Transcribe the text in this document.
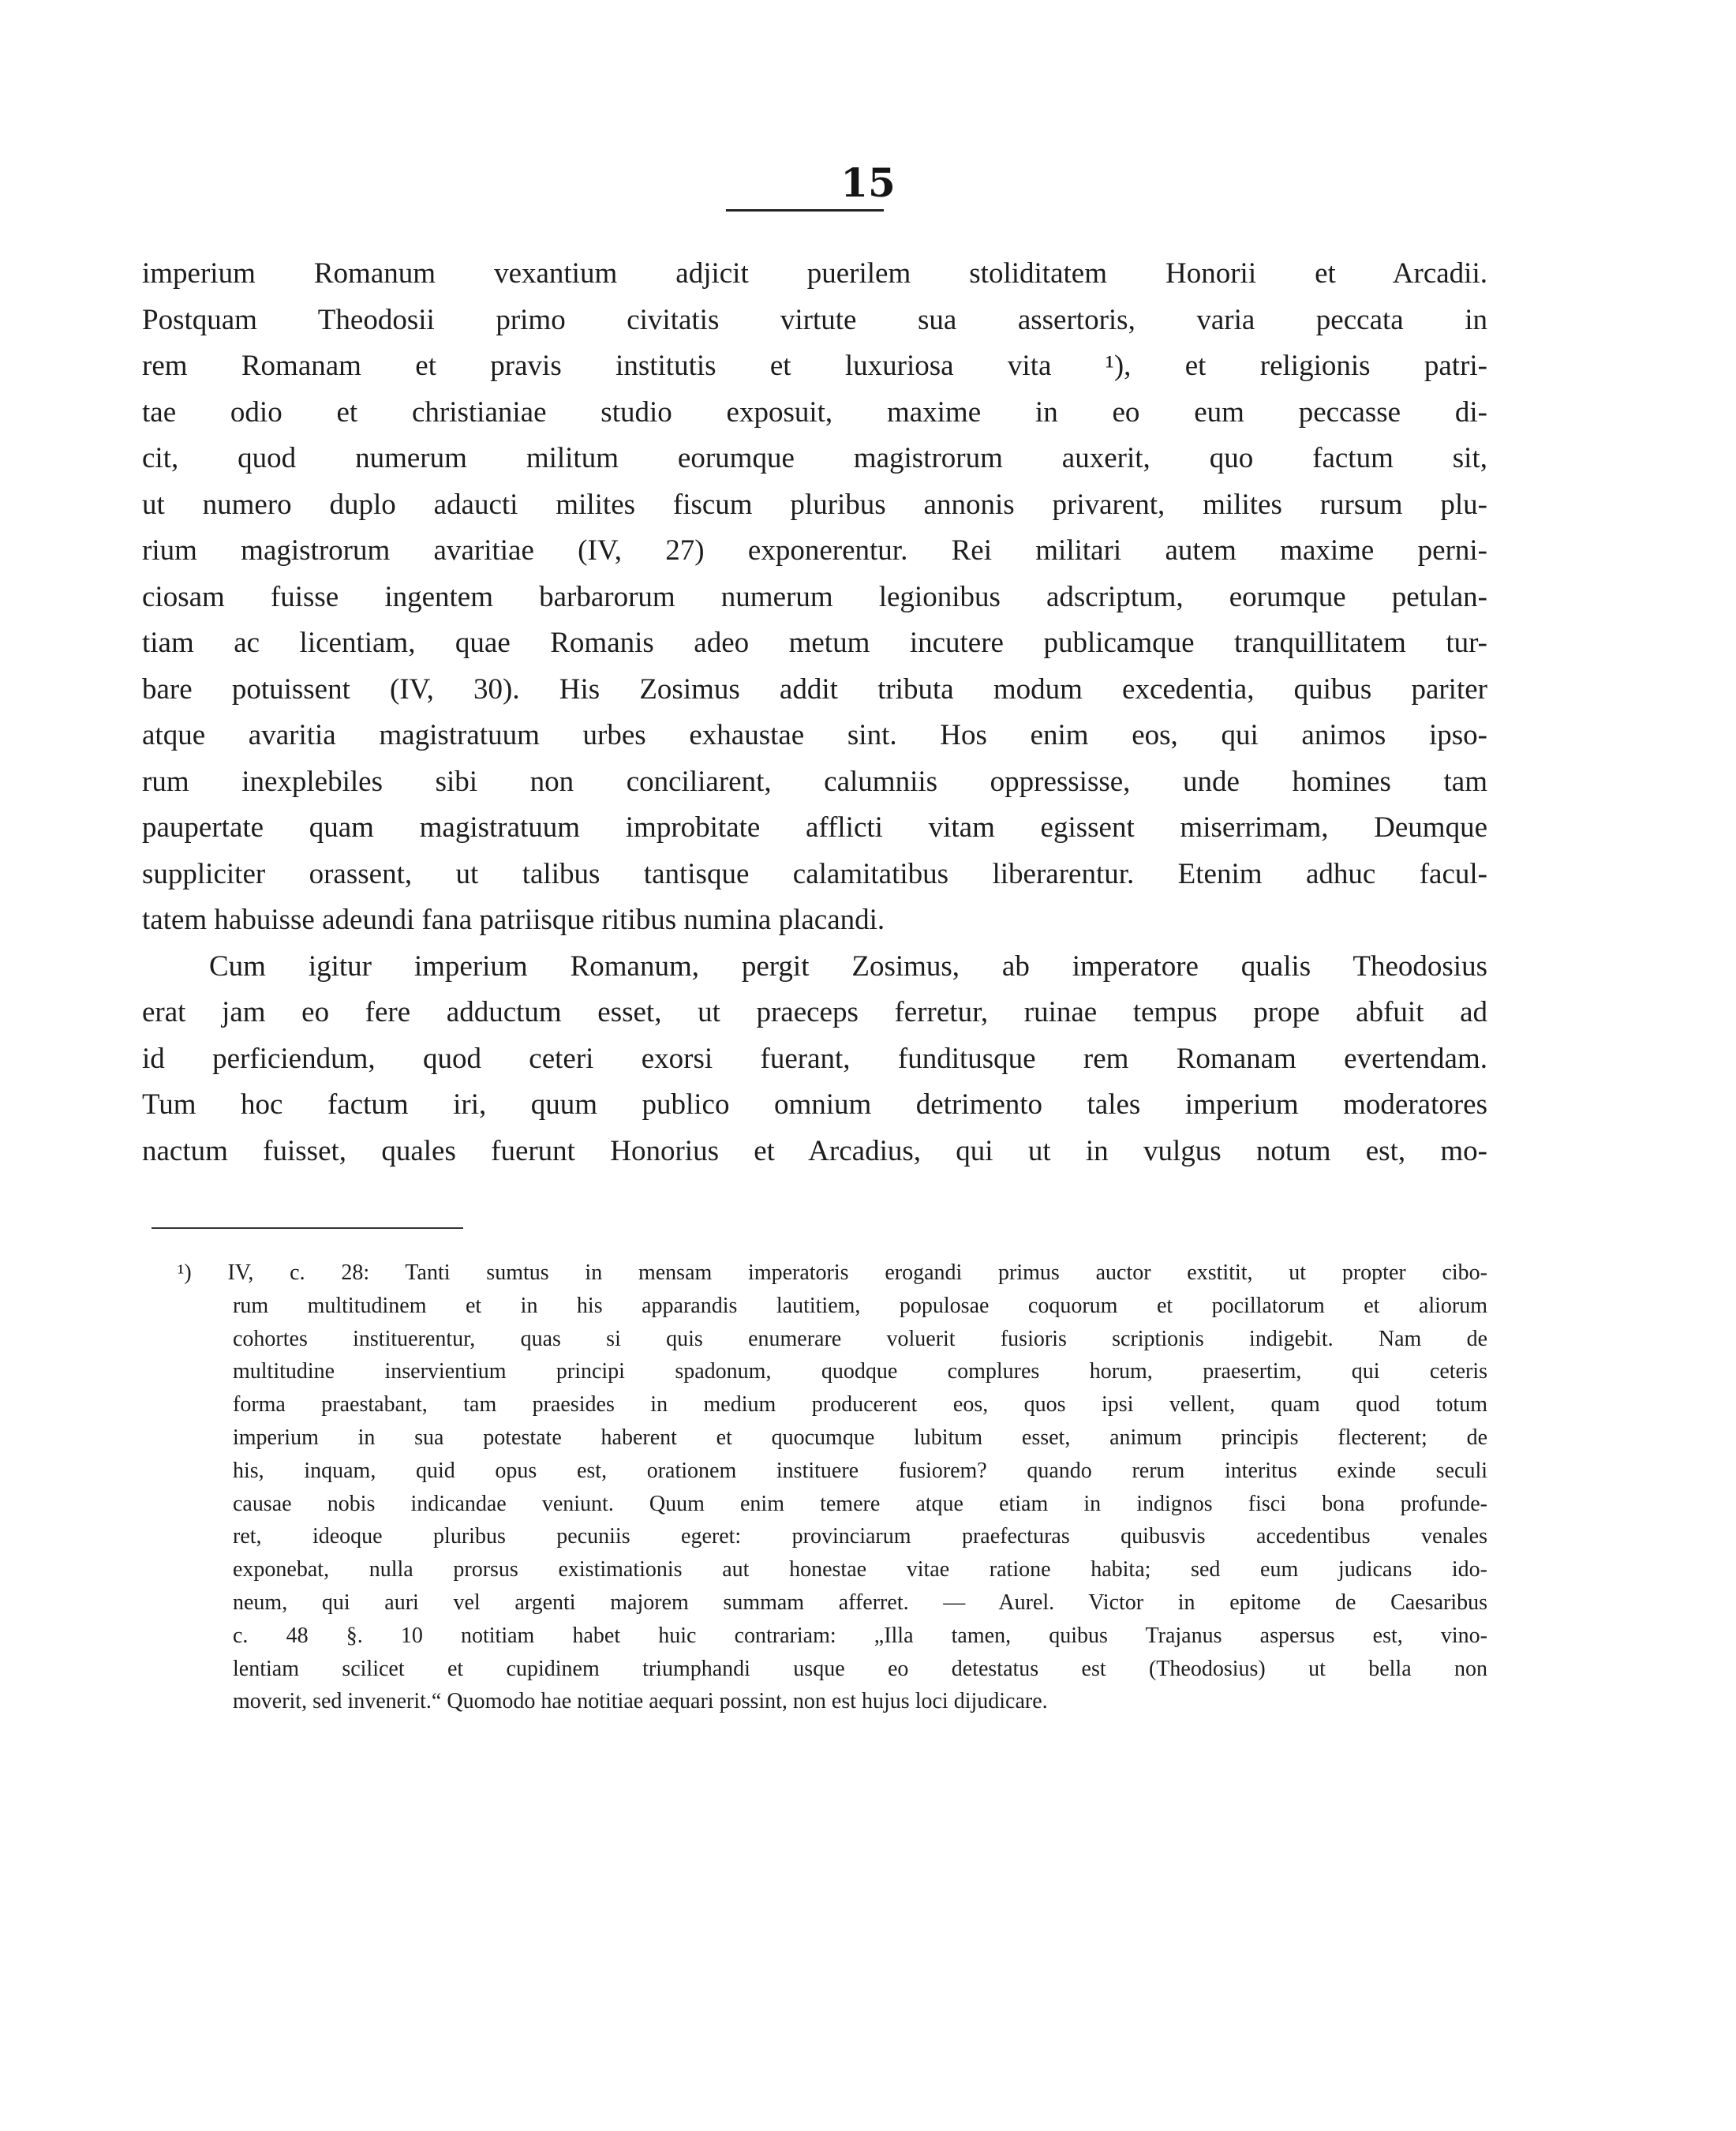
15
imperium Romanum vexantium adjicit puerilem stoliditatem Honorii et Arcadii.
Postquam Theodosii primo civitatis virtute sua assertoris, varia peccata in
rem Romanam et pravis institutis et luxuriosa vita ¹), et religionis patri-
tae odio et christianiae studio exposuit, maxime in eo eum peccasse di-
cit, quod numerum militum eorumque magistrorum auxerit, quo factum sit,
ut numero duplo adaucti milites fiscum pluribus annonis privarent, milites rursum plu-
rium magistrorum avaritiae (IV, 27) exponerentur. Rei militari autem maxime perni-
ciosam fuisse ingentem barbarorum numerum legionibus adscriptum, eorumque petulan-
tiam ac licentiam, quae Romanis adeo metum incutere publicamque tranquillitatem tur-
bare potuissent (IV, 30). His Zosimus addit tributa modum excedentia, quibus pariter
atque avaritia magistratuum urbes exhaustae sint. Hos enim eos, qui animos ipso-
rum inexplebiles sibi non conciliarent, calumniis oppressisse, unde homines tam
paupertate quam magistratuum improbitate afflicti vitam egissent miserrimam, Deumque
suppliciter orassent, ut talibus tantisque calamitatibus liberarentur. Etenim adhuc facul-
tatem habuisse adeundi fana patriisque ritibus numina placandi.
Cum igitur imperium Romanum, pergit Zosimus, ab imperatore qualis Theodosius
erat jam eo fere adductum esset, ut praeceps ferretur, ruinae tempus prope abfuit ad
id perficiendum, quod ceteri exorsi fuerant, funditusque rem Romanam evertendam.
Tum hoc factum iri, quum publico omnium detrimento tales imperium moderatores
nactum fuisset, quales fuerunt Honorius et Arcadius, qui ut in vulgus notum est, mo-
¹) IV, c. 28: Tanti sumtus in mensam imperatoris erogandi primus auctor exstitit, ut propter cibo-
rum multitudinem et in his apparandis lautitiem, populosae coquorum et pocillatorum et aliorum
cohortes instituerentur, quas si quis enumerare voluerit fusioris scriptionis indigebit. Nam de
multitudine inservientium principi spadonum, quodque complures horum, praesertim, qui ceteris
forma praestabant, tam praesides in medium producerent eos, quos ipsi vellent, quam quod totum
imperium in sua potestate haberent et quocumque lubitum esset, animum principis flecterent; de
his, inquam, quid opus est, orationem instituere fusiorem? quando rerum interitus exinde seculi
causae nobis indicandae veniunt. Quum enim temere atque etiam in indignos fisci bona profunde-
ret, ideoque pluribus pecuniis egeret: provinciarum praefecturas quibusvis accedentibus venales
exponebat, nulla prorsus existimationis aut honestae vitae ratione habita; sed eum judicans ido-
neum, qui auri vel argenti majorem summam afferret. — Aurel. Victor in epitome de Caesaribus
c. 48 §. 10 notitiam habet huic contrariam: „Illa tamen, quibus Trajanus aspersus est, vino-
lentiam scilicet et cupidinem triumphandi usque eo detestatus est (Theodosius) ut bella non
moverit, sed invenerit.“ Quomodo hae notitiae aequari possint, non est hujus loci dijudicare.
